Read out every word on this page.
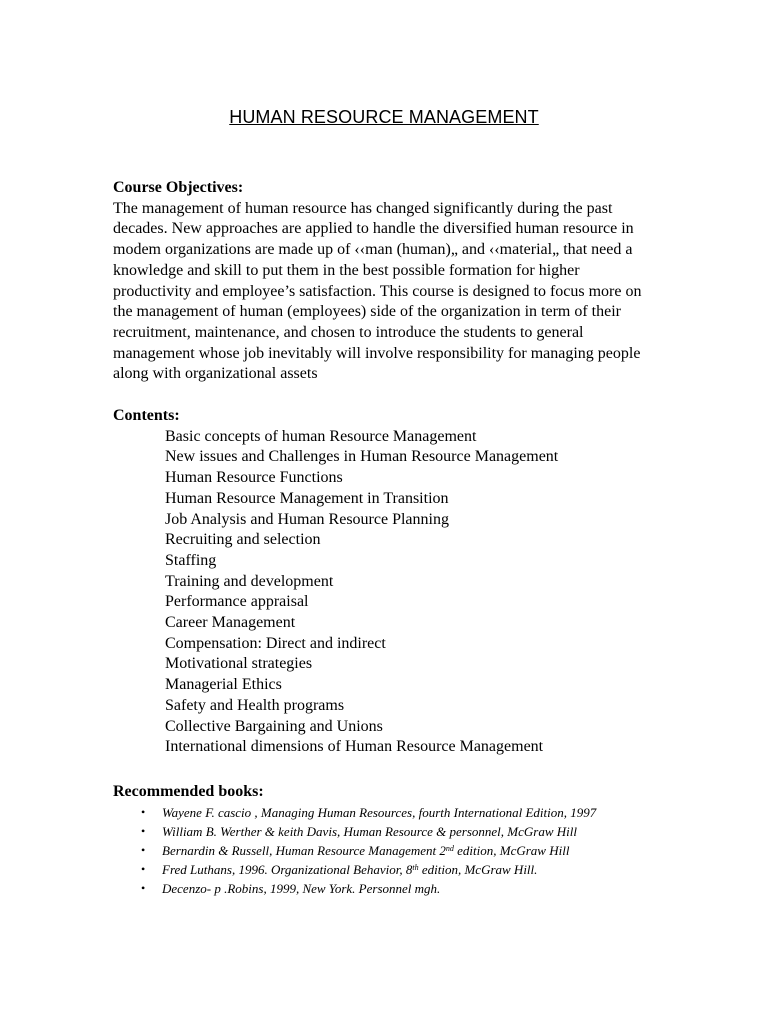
HUMAN RESOURCE MANAGEMENT
Course Objectives:
The management of human resource has changed significantly during the past decades. New approaches are applied to handle the diversified human resource in modem organizations are made up of ‹‹man (human)„ and ‹‹material„ that need a knowledge and skill to put them in the best possible formation for higher productivity and employee’s satisfaction. This course is designed to focus more on the management of human (employees) side of the organization in term of their recruitment, maintenance, and chosen to introduce the students to general management whose job inevitably will involve responsibility for managing people along with organizational assets
Contents:
Basic concepts of human Resource Management
New issues and Challenges in Human Resource Management
Human Resource Functions
Human Resource Management in Transition
Job Analysis and Human Resource Planning
Recruiting and selection
Staffing
Training and development
Performance appraisal
Career Management
Compensation: Direct and indirect
Motivational strategies
Managerial Ethics
Safety and Health programs
Collective Bargaining and Unions
International dimensions of Human Resource Management
Recommended books:
• Wayene F. cascio , Managing Human Resources, fourth International Edition, 1997
• William B. Werther & keith Davis, Human Resource & personnel, McGraw Hill
• Bernardin & Russell, Human Resource Management 2nd edition, McGraw Hill
• Fred Luthans, 1996. Organizational Behavior, 8th edition, McGraw Hill.
• Decenzo- p .Robins, 1999, New York. Personnel mgh.
